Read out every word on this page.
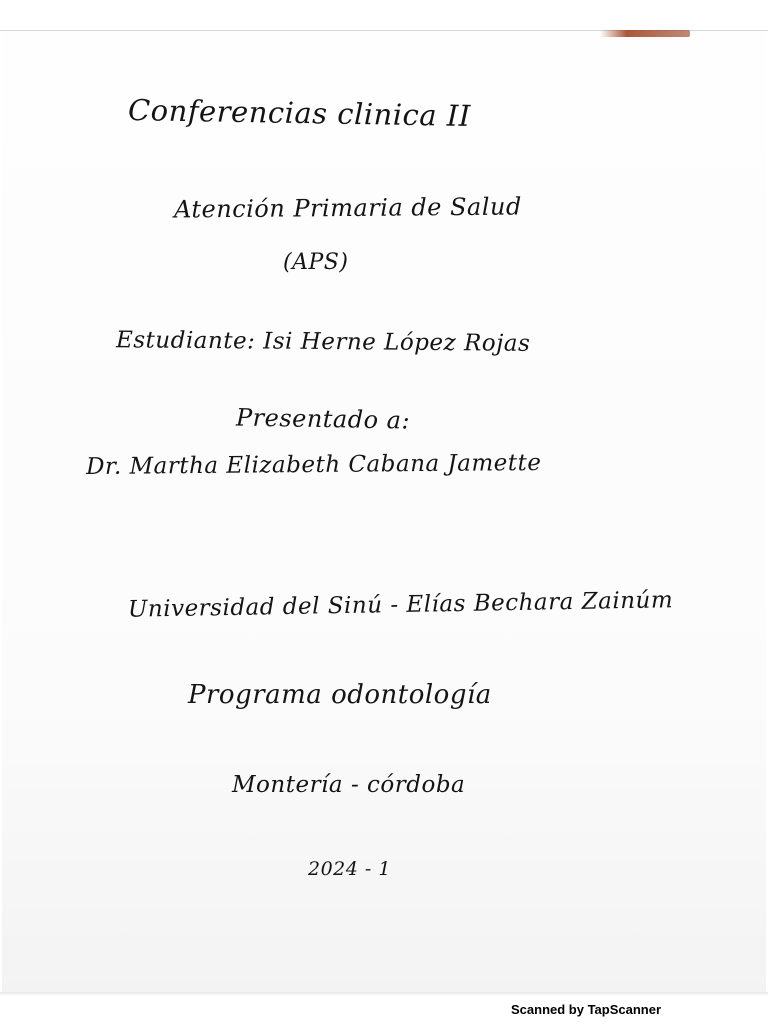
Conferencias clinica II
Atención Primaria de Salud
(APS)
Estudiante: Isi Herne López Rojas
Presentado a:
Dr. Martha Elizabeth Cabana Jamette
Universidad del Sinú - Elías Bechara Zainúm
Programa odontología
Montería - córdoba
2024 - 1
Scanned by TapScanner
